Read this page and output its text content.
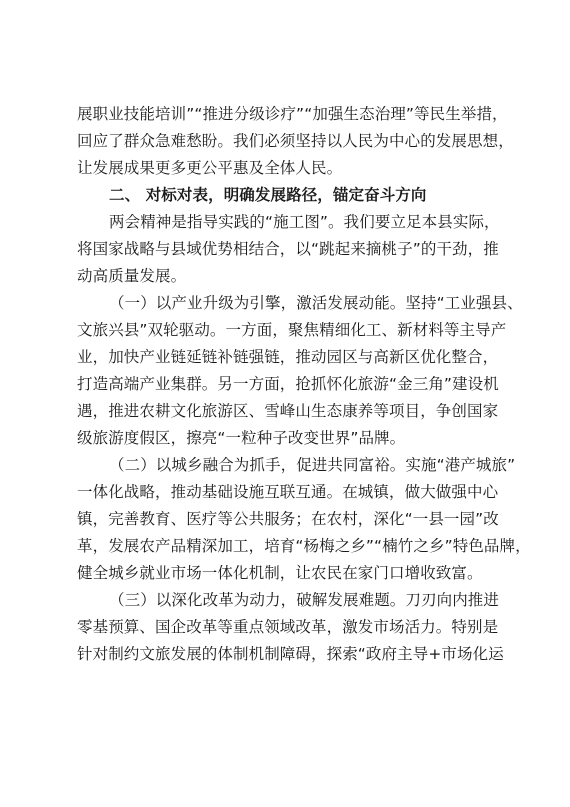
展职业技能培训”“推进分级诊疗”“加强生态治理”等民生举措，
回应了群众急难愁盼。我们必须坚持以人民为中心的发展思想，
让发展成果更多更公平惠及全体人民。
二、 对标对表，明确发展路径，锚定奋斗方向
两会精神是指导实践的“施工图”。我们要立足本县实际，
将国家战略与县域优势相结合，以“跳起来摘桃子”的干劲，推
动高质量发展。
（一）以产业升级为引擎，激活发展动能。坚持“工业强县、
文旅兴县”双轮驱动。一方面，聚焦精细化工、新材料等主导产
业，加快产业链延链补链强链，推动园区与高新区优化整合，
打造高端产业集群。另一方面，抢抓怀化旅游“金三角”建设机
遇，推进农耕文化旅游区、雪峰山生态康养等项目，争创国家
级旅游度假区，擦亮“一粒种子改变世界”品牌。
（二）以城乡融合为抓手，促进共同富裕。实施“港产城旅”
一体化战略，推动基础设施互联互通。在城镇，做大做强中心
镇，完善教育、医疗等公共服务；在农村，深化“一县一园”改
革，发展农产品精深加工，培育“杨梅之乡”“楠竹之乡”特色品牌，
健全城乡就业市场一体化机制，让农民在家门口增收致富。
（三）以深化改革为动力，破解发展难题。刀刃向内推进
零基预算、国企改革等重点领域改革，激发市场活力。特别是
针对制约文旅发展的体制机制障碍，探索“政府主导+市场化运
